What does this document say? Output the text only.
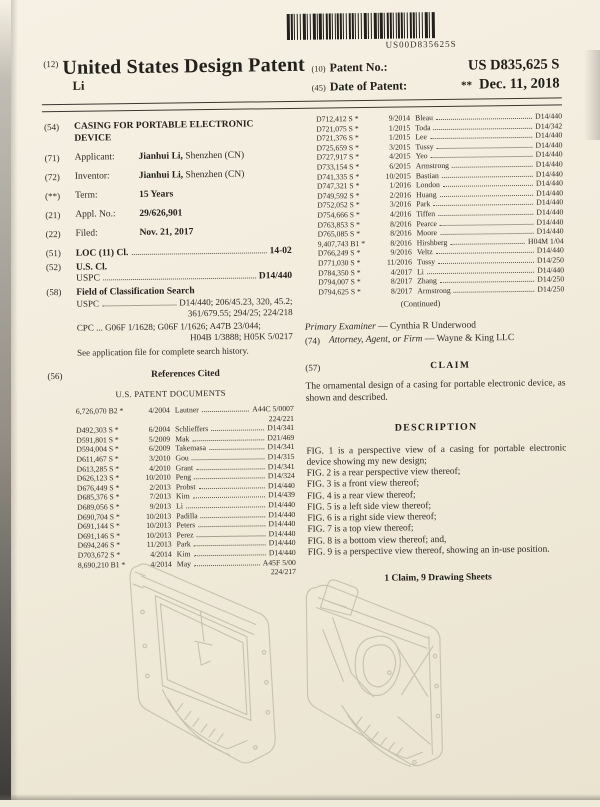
US00D835625S
$^{(12)}$ United States Design Patent
Li
(10) Patent No.:	US D835,625 S
(45) Date of Patent:	** Dec. 11, 2018
(54)	CASING FOR PORTABLE ELECTRONIC DEVICE
(71)	Applicant:	Jianhui Li, Shenzhen (CN)
(72)	Inventor:	Jianhui Li, Shenzhen (CN)
(**)	Term:	15 Years
(21)	Appl. No.:	29/626,901
(22)	Filed:	Nov. 21, 2017
(51)	LOC (11) Cl.	14-02
(52)	U.S. Cl.
USPC	D14/440
(58)	Field of Classification Search
USPC	D14/440; 206/45.23, 320, 45.2;
361/679.55; 294/25; 224/218
CPC ... G06F 1/1628; G06F 1/1626; A47B 23/044;
H04B 1/3888; H05K 5/0217
See application file for complete search history.
(56)	References Cited
U.S. PATENT DOCUMENTS
6,726,070 B2 *	4/2004 Lautner	A44C 5/0007
224/221
D492,303 S *	6/2004 Schlieffers	D14/341
D591,801 S *	5/2009 Mak	D21/469
D594,004 S *	6/2009 Takemasa	D14/341
D611,467 S *	3/2010 Gou	D14/315
D613,285 S *	4/2010 Grant	D14/341
D626,123 S *	10/2010 Peng	D14/324
D676,449 S *	2/2013 Probst	D14/440
D685,376 S *	7/2013 Kim	D14/439
D689,056 S *	9/2013 Li	D14/440
D690,704 S *	10/2013 Padilla	D14/440
D691,144 S *	10/2013 Peters	D14/440
D691,146 S *	10/2013 Perez	D14/440
D694,246 S *	11/2013 Park	D14/440
D703,672 S *	4/2014 Kim	D14/440
8,690,210 B1 *	4/2014 May	A45F 5/00
224/217
D712,412 S *	9/2014 Bleau	D14/440
D721,075 S *	1/2015 Toda	D14/342
D721,376 S *	1/2015 Lee	D14/440
D725,659 S *	3/2015 Tussy	D14/440
D727,917 S *	4/2015 Yeo	D14/440
D733,154 S *	6/2015 Armstrong	D14/440
D741,335 S *	10/2015 Bastian	D14/440
D747,321 S *	1/2016 London	D14/440
D749,592 S *	2/2016 Huang	D14/440
D752,052 S *	3/2016 Park	D14/440
D754,666 S *	4/2016 Tiffen	D14/440
D763,853 S *	8/2016 Pearce	D14/440
D765,085 S *	8/2016 Moore	D14/440
9,407,743 B1 *	8/2016 Hirshberg	H04M 1/04
D766,249 S *	9/2016 Veltz	D14/440
D771,030 S *	11/2016 Tussy	D14/250
D784,350 S *	4/2017 Li	D14/440
D794,007 S *	8/2017 Zhang	D14/250
D794,625 S *	8/2017 Armstrong	D14/250
(Continued)
Primary Examiner — Cynthia R Underwood
(74) Attorney, Agent, or Firm — Wayne & King LLC
(57)	CLAIM
The ornamental design of a casing for portable electronic device, as shown and described.
DESCRIPTION
FIG. 1 is a perspective view of a casing for portable electronic device showing my new design;
FIG. 2 is a rear perspective view thereof;
FIG. 3 is a front view thereof;
FIG. 4 is a rear view thereof;
FIG. 5 is a left side view thereof;
FIG. 6 is a right side view thereof;
FIG. 7 is a top view thereof;
FIG. 8 is a bottom view thereof; and,
FIG. 9 is a perspective view thereof, showing an in-use position.
1 Claim, 9 Drawing Sheets
